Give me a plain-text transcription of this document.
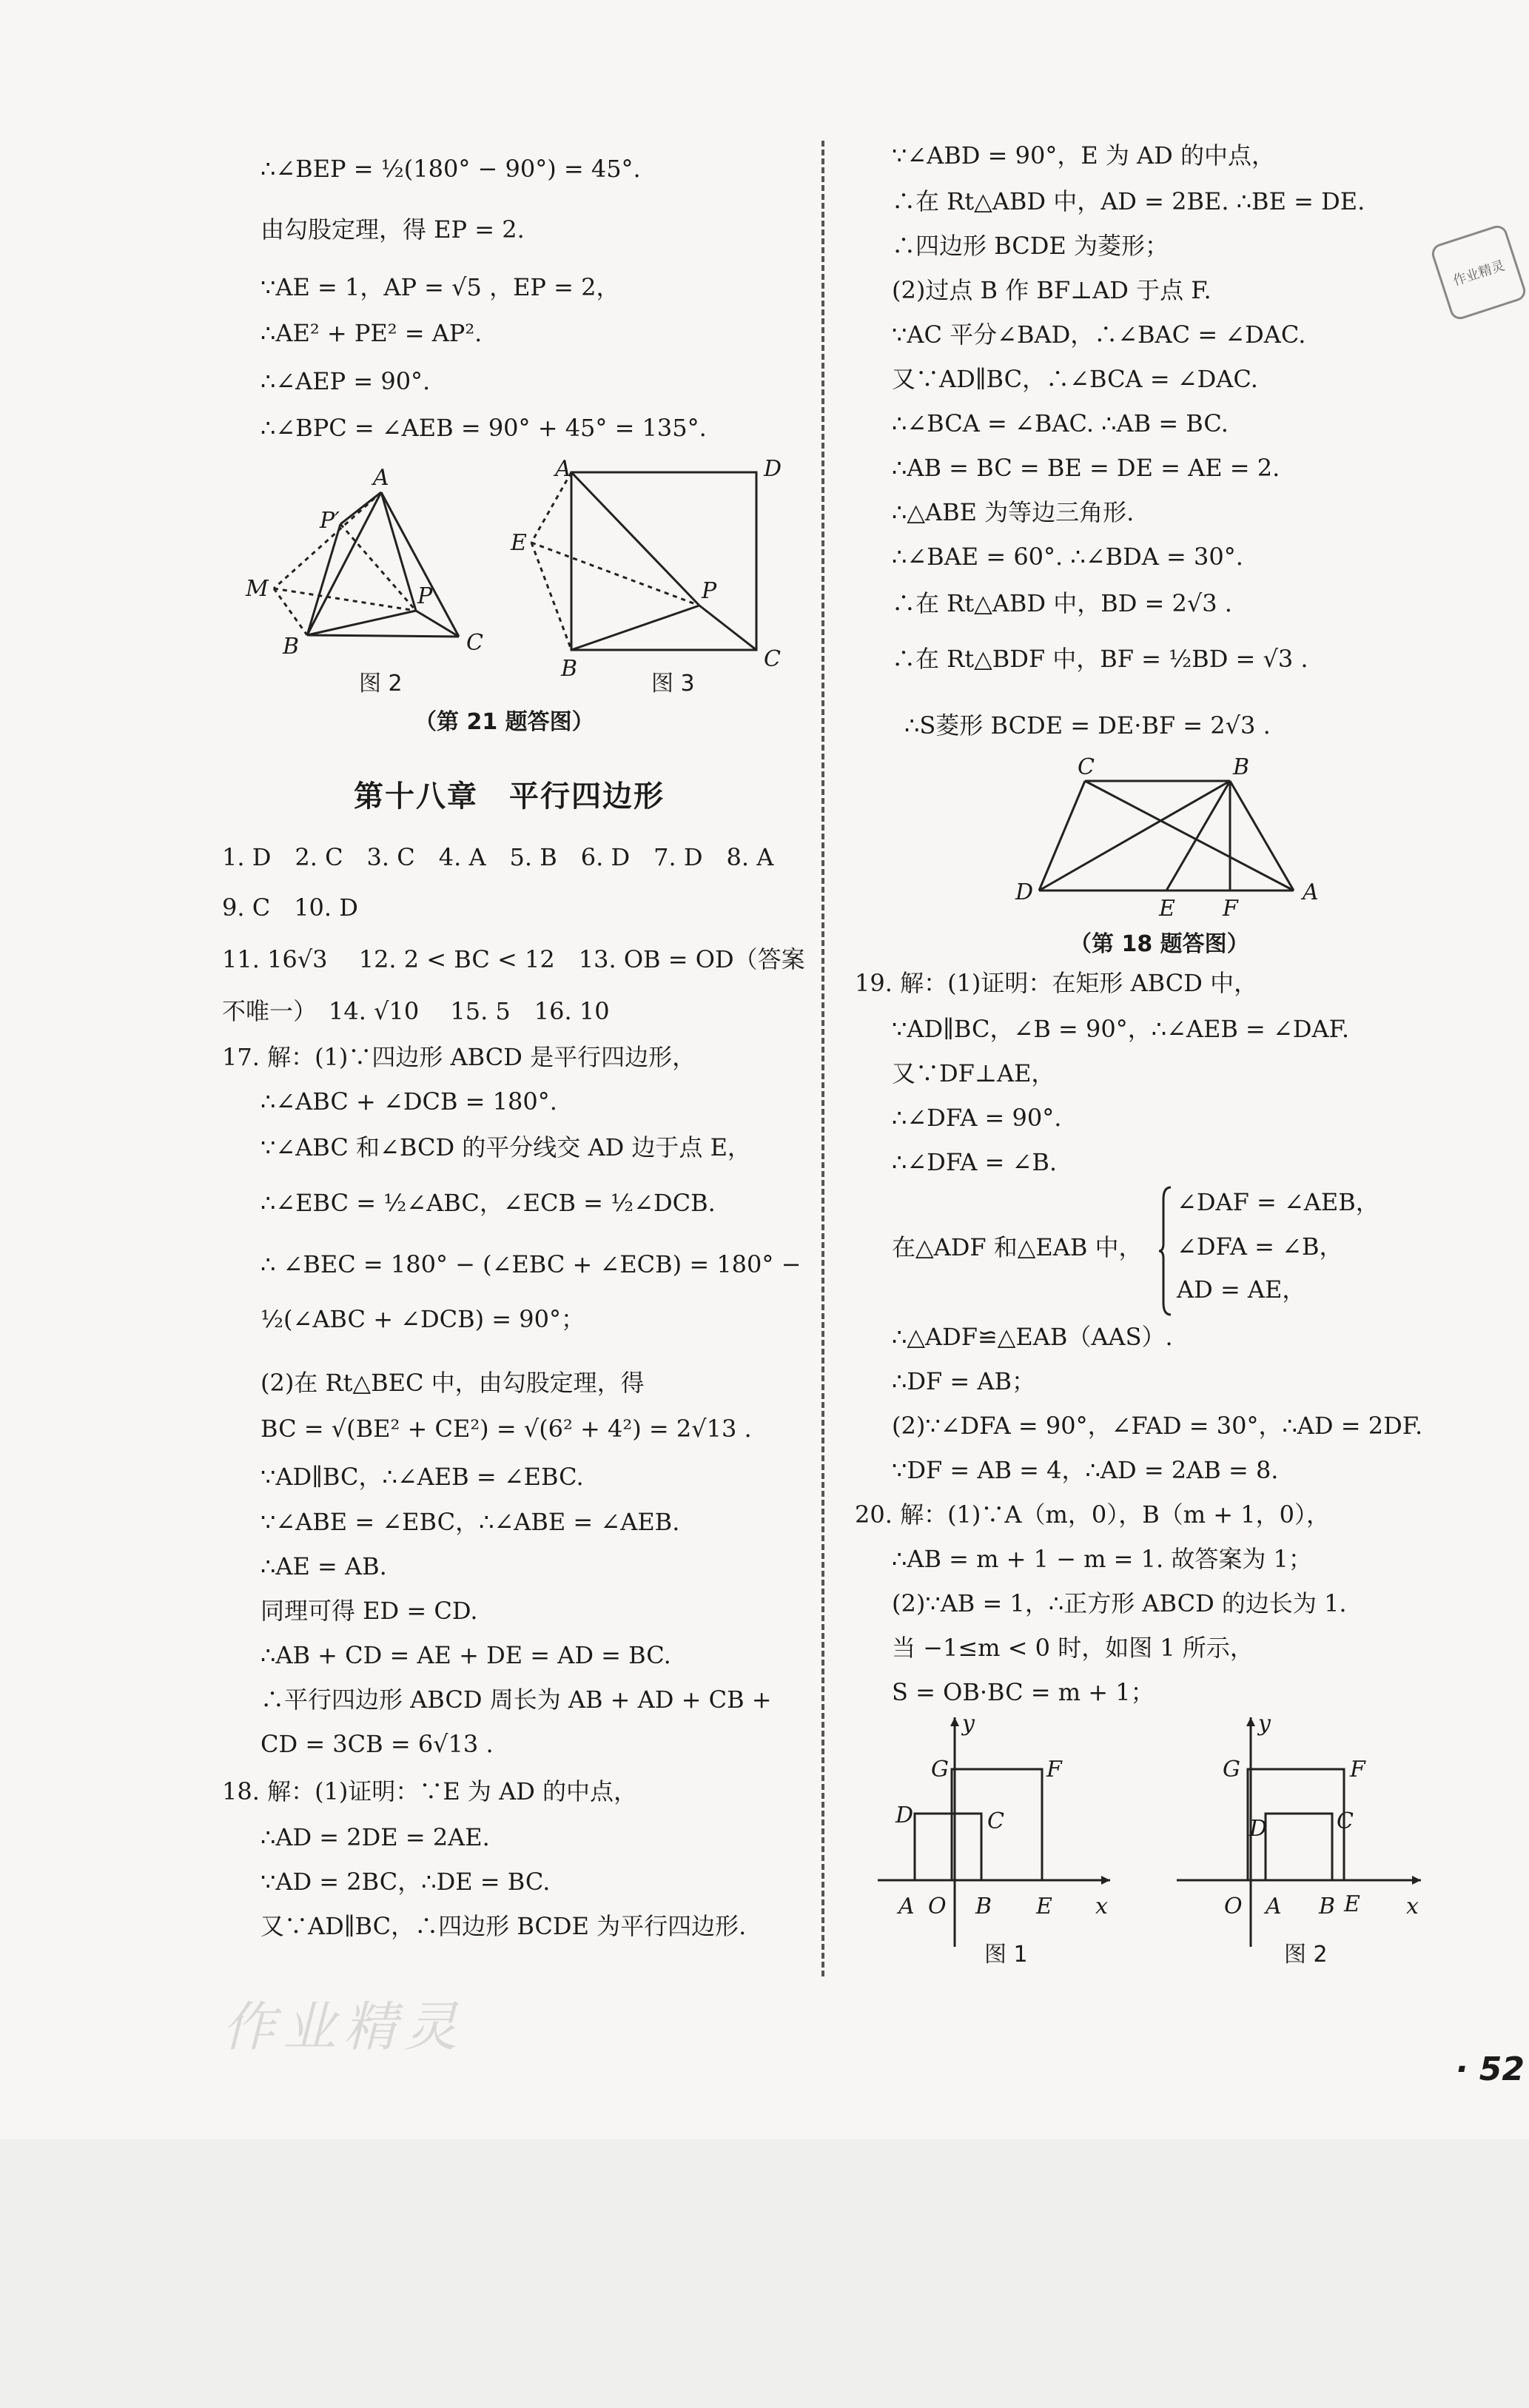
作业精灵
∴∠BEP = ½(180° − 90°) = 45°.
由勾股定理，得 EP = 2.
∵AE = 1，AP = √5 ，EP = 2，
∴AE² + PE² = AP².
∴∠AEP = 90°.
∴∠BPC = ∠AEB = 90° + 45° = 135°.
A
P′
M
B
P
C
A	D
E
P
B	C
图 2	图 3
（第 21 题答图）
第十八章　平行四边形
1. D　2. C　3. C　4. A　5. B　6. D　7. D　8. A
9. C　10. D
11. 16√3 　12. 2 < BC < 12　13. OB = OD（答案
不唯一）　14. √10 　15. 5　16. 10
17. 解：(1)∵四边形 ABCD 是平行四边形，
∴∠ABC + ∠DCB = 180°.
∵∠ABC 和∠BCD 的平分线交 AD 边于点 E，
∴∠EBC = ½∠ABC，∠ECB = ½∠DCB.
∴ ∠BEC = 180° − (∠EBC + ∠ECB) = 180° −
½(∠ABC + ∠DCB) = 90°；
(2)在 Rt△BEC 中，由勾股定理，得
BC = √(BE² + CE²) = √(6² + 4²) = 2√13 .
∵AD∥BC，∴∠AEB = ∠EBC.
∵∠ABE = ∠EBC，∴∠ABE = ∠AEB.
∴AE = AB.
同理可得 ED = CD.
∴AB + CD = AE + DE = AD = BC.
∴平行四边形 ABCD 周长为 AB + AD + CB +
CD = 3CB = 6√13 .
18. 解：(1)证明：∵E 为 AD 的中点，
∴AD = 2DE = 2AE.
∵AD = 2BC，∴DE = BC.
又∵AD∥BC，∴四边形 BCDE 为平行四边形.
∵∠ABD = 90°，E 为 AD 的中点，
∴在 Rt△ABD 中，AD = 2BE. ∴BE = DE.
∴四边形 BCDE 为菱形；
(2)过点 B 作 BF⊥AD 于点 F.
∵AC 平分∠BAD，∴∠BAC = ∠DAC.
又∵AD∥BC，∴∠BCA = ∠DAC.
∴∠BCA = ∠BAC. ∴AB = BC.
∴AB = BC = BE = DE = AE = 2.
∴△ABE 为等边三角形.
∴∠BAE = 60°. ∴∠BDA = 30°.
∴在 Rt△ABD 中，BD = 2√3 .
∴在 Rt△BDF 中，BF = ½BD = √3 .
∴S菱形 BCDE = DE·BF = 2√3 .
C	B
D
E F
A
（第 18 题答图）
19. 解：(1)证明：在矩形 ABCD 中，
∵AD∥BC，∠B = 90°，∴∠AEB = ∠DAF.
又∵DF⊥AE，
∴∠DFA = 90°.
∴∠DFA = ∠B.
在△ADF 和△EAB 中，
∠DAF = ∠AEB，
∠DFA = ∠B，
AD = AE，
∴△ADF≌△EAB（AAS）.
∴DF = AB；
(2)∵∠DFA = 90°，∠FAD = 30°，∴AD = 2DF.
∵DF = AB = 4，∴AD = 2AB = 8.
20. 解：(1)∵A（m，0），B（m + 1，0），
∴AB = m + 1 − m = 1. 故答案为 1；
(2)∵AB = 1，∴正方形 ABCD 的边长为 1.
当 −1≤m < 0 时，如图 1 所示，
S = OB·BC = m + 1；
y
G	F
D	C
A O B E x
图 1
y
G	F
D	C
O A B E x
图 2
作业精灵
· 52
